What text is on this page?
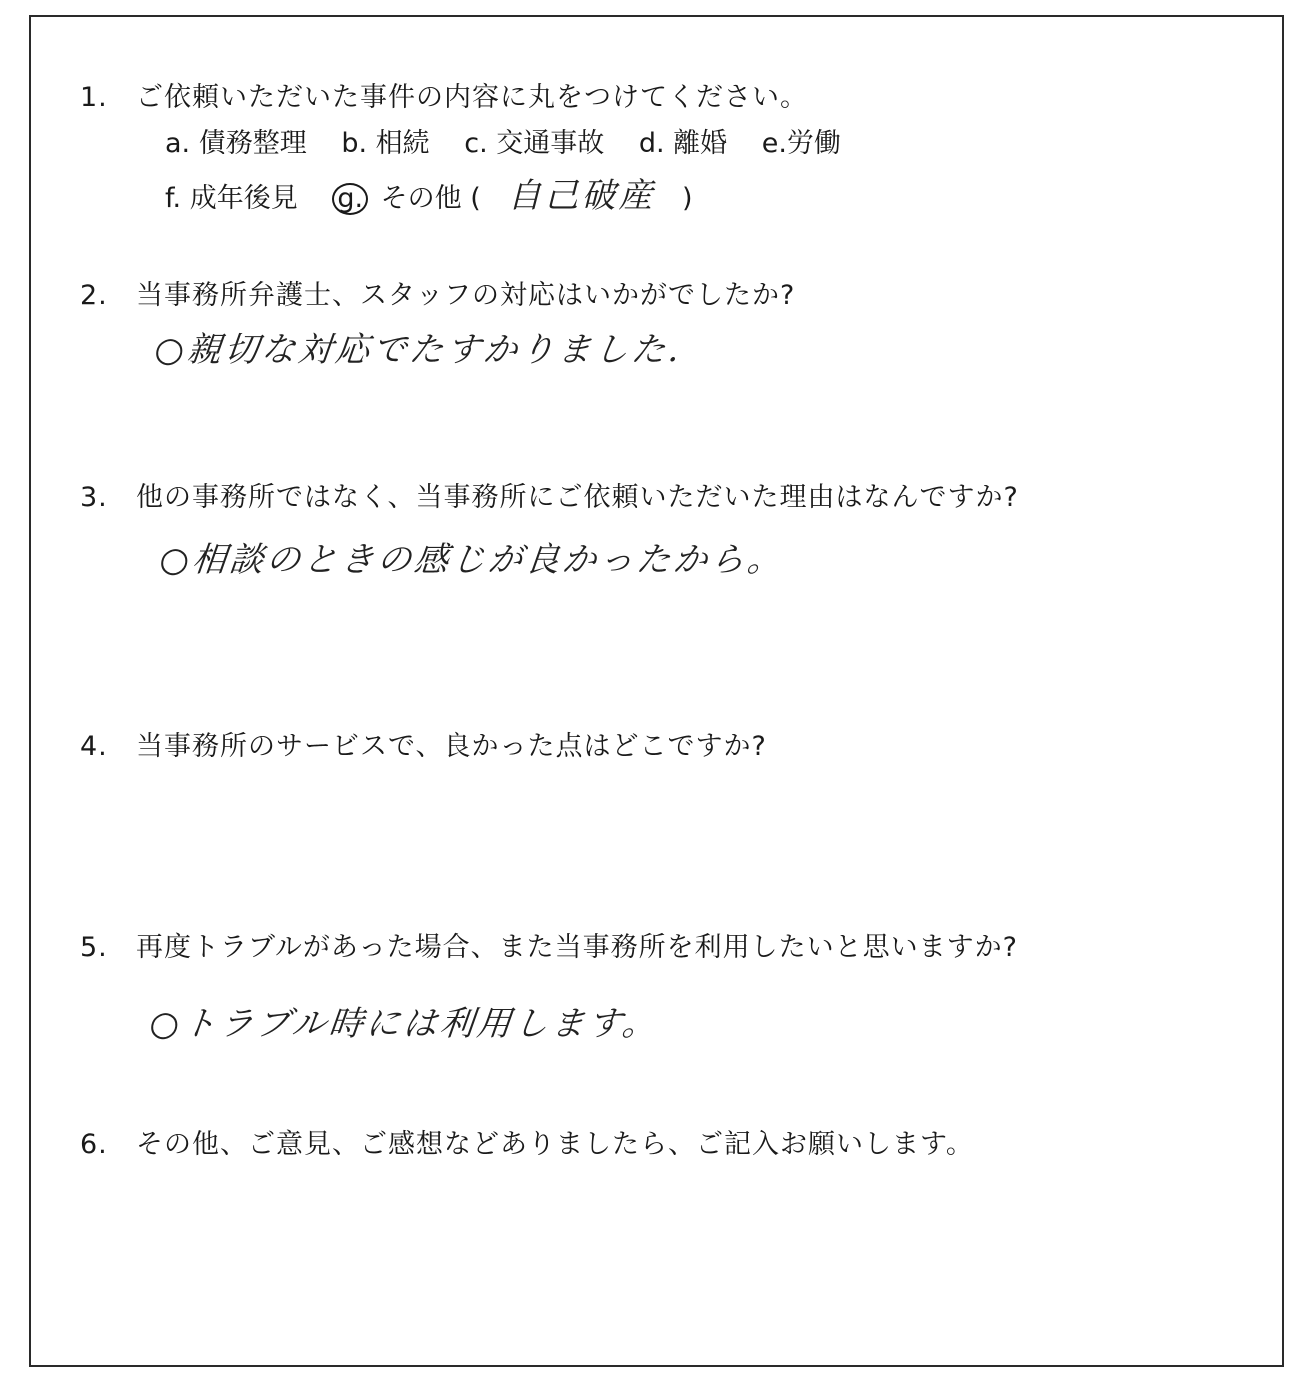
1. ご依頼いただいた事件の内容に丸をつけてください。
a. 債務整理 b. 相続 c. 交通事故 d. 離婚 e.労働
f. 成年後見 g. その他 ( 自己破産 )
2. 当事務所弁護士、スタッフの対応はいかがでしたか?
○親切な対応でたすかりました.
3. 他の事務所ではなく、当事務所にご依頼いただいた理由はなんですか?
○相談のときの感じが良かったから。
4. 当事務所のサービスで、良かった点はどこですか?
5. 再度トラブルがあった場合、また当事務所を利用したいと思いますか?
○トラブル時には利用します。
6. その他、ご意見、ご感想などありましたら、ご記入お願いします。
